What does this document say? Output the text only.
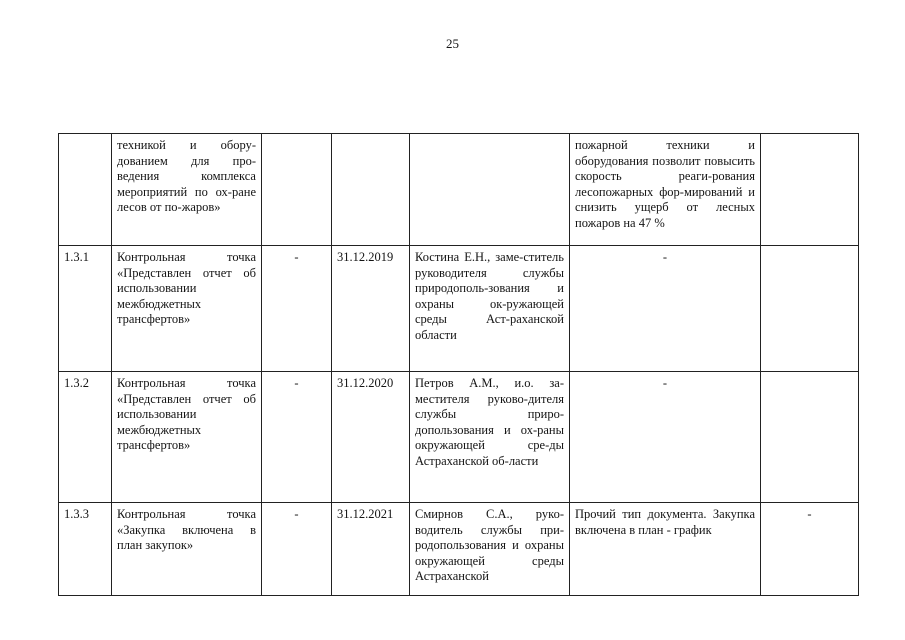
25
	техникой и обору-дованием для про-ведения комплекса мероприятий по ох-ране лесов от по-жаров»				пожарной техники и оборудования позволит повысить скорость реаги-рования лесопожарных фор-мирований и снизить ущерб от лесных пожаров на 47 %	
1.3.1	Контрольная точка «Представлен отчет об использовании межбюджетных трансфертов»	-	31.12.2019	Костина Е.Н., заме-ститель руководителя службы природополь-зования и охраны ок-ружающей среды Аст-раханской области	-	
1.3.2	Контрольная точка «Представлен отчет об использовании межбюджетных трансфертов»	-	31.12.2020	Петров А.М., и.о. за-местителя руково-дителя службы приро-допользования и ох-раны окружающей сре-ды Астраханской об-ласти	-	
1.3.3	Контрольная точка «Закупка включена в план закупок»	-	31.12.2021	Смирнов С.А., руко-водитель службы при-родопользования и охраны окружающей среды Астраханской	Прочий тип документа. Закупка включена в план - график	-
